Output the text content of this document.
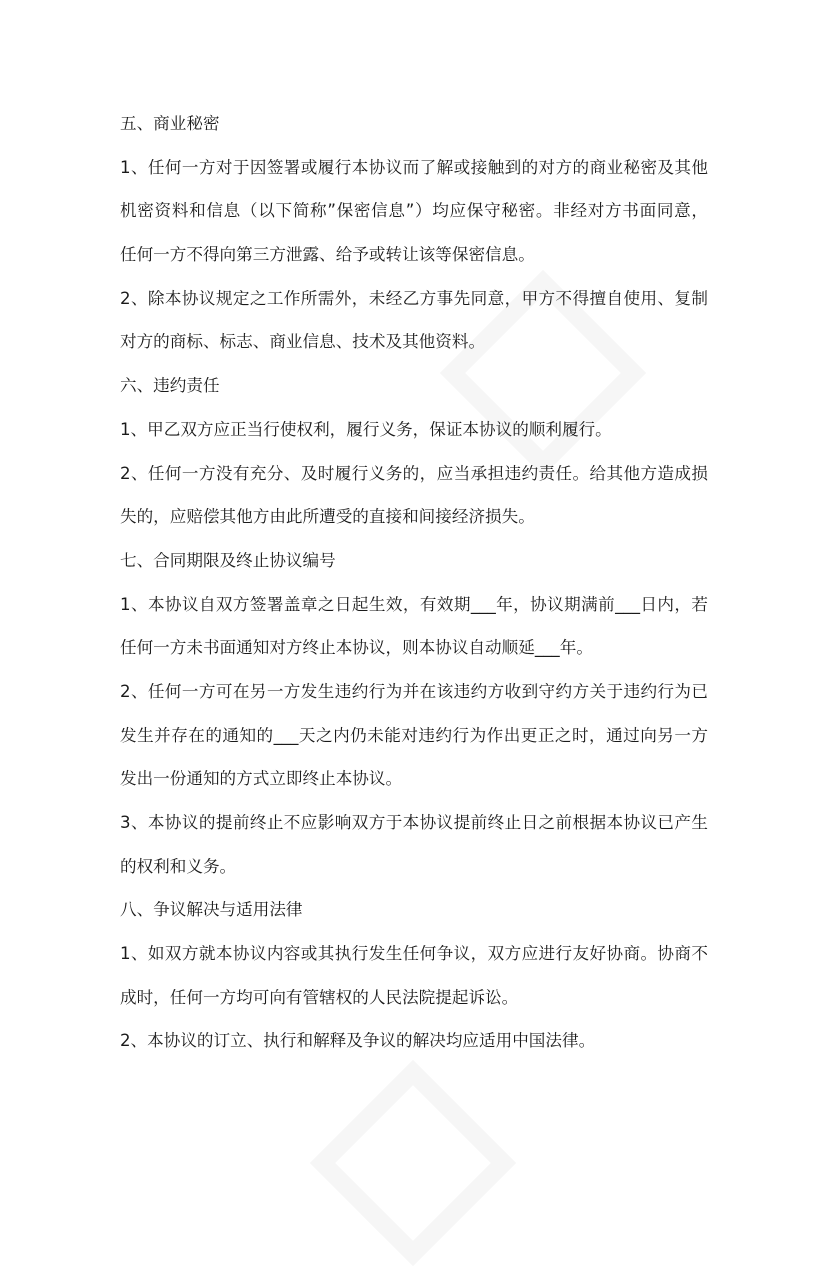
五、商业秘密
1、任何一方对于因签署或履行本协议而了解或接触到的对方的商业秘密及其他
机密资料和信息（以下简称”保密信息”）均应保守秘密。非经对方书面同意，
任何一方不得向第三方泄露、给予或转让该等保密信息。
2、除本协议规定之工作所需外，未经乙方事先同意，甲方不得擅自使用、复制
对方的商标、标志、商业信息、技术及其他资料。
六、违约责任
1、甲乙双方应正当行使权利，履行义务，保证本协议的顺利履行。
2、任何一方没有充分、及时履行义务的，应当承担违约责任。给其他方造成损
失的，应赔偿其他方由此所遭受的直接和间接经济损失。
七、合同期限及终止协议编号
1、本协议自双方签署盖章之日起生效，有效期___年，协议期满前___日内，若
任何一方未书面通知对方终止本协议，则本协议自动顺延___年。
2、任何一方可在另一方发生违约行为并在该违约方收到守约方关于违约行为已
发生并存在的通知的___天之内仍未能对违约行为作出更正之时，通过向另一方
发出一份通知的方式立即终止本协议。
3、本协议的提前终止不应影响双方于本协议提前终止日之前根据本协议已产生
的权利和义务。
八、争议解决与适用法律
1、如双方就本协议内容或其执行发生任何争议，双方应进行友好协商。协商不
成时，任何一方均可向有管辖权的人民法院提起诉讼。
2、本协议的订立、执行和解释及争议的解决均应适用中国法律。
